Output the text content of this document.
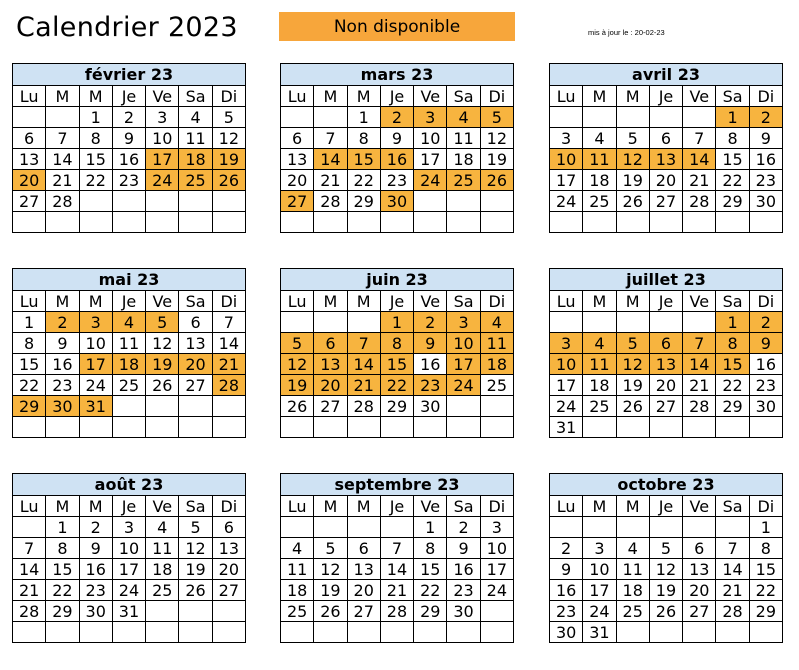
Calendrier 2023	Non disponible	mis à jour le : 20-02-23
février 23						
Lu	M	M	Je	Ve	Sa	Di
		1	2	3	4	5
6	7	8	9	10	11	12
13	14	15	16	17	18	19
20	21	22	23	24	25	26
27	28					

mars 23						
Lu	M	M	Je	Ve	Sa	Di
		1	2	3	4	5
6	7	8	9	10	11	12
13	14	15	16	17	18	19
20	21	22	23	24	25	26
27	28	29	30			

avril 23						
Lu	M	M	Je	Ve	Sa	Di
					1	2
3	4	5	6	7	8	9
10	11	12	13	14	15	16
17	18	19	20	21	22	23
24	25	26	27	28	29	30

mai 23						
Lu	M	M	Je	Ve	Sa	Di
1	2	3	4	5	6	7
8	9	10	11	12	13	14
15	16	17	18	19	20	21
22	23	24	25	26	27	28
29	30	31				

juin 23						
Lu	M	M	Je	Ve	Sa	Di
			1	2	3	4
5	6	7	8	9	10	11
12	13	14	15	16	17	18
19	20	21	22	23	24	25
26	27	28	29	30		

juillet 23						
Lu	M	M	Je	Ve	Sa	Di
					1	2
3	4	5	6	7	8	9
10	11	12	13	14	15	16
17	18	19	20	21	22	23
24	25	26	27	28	29	30
31						
août 23						
Lu	M	M	Je	Ve	Sa	Di
	1	2	3	4	5	6
7	8	9	10	11	12	13
14	15	16	17	18	19	20
21	22	23	24	25	26	27
28	29	30	31			

septembre 23						
Lu	M	M	Je	Ve	Sa	Di
				1	2	3
4	5	6	7	8	9	10
11	12	13	14	15	16	17
18	19	20	21	22	23	24
25	26	27	28	29	30	

octobre 23						
Lu	M	M	Je	Ve	Sa	Di
						1
2	3	4	5	6	7	8
9	10	11	12	13	14	15
16	17	18	19	20	21	22
23	24	25	26	27	28	29
30	31					
